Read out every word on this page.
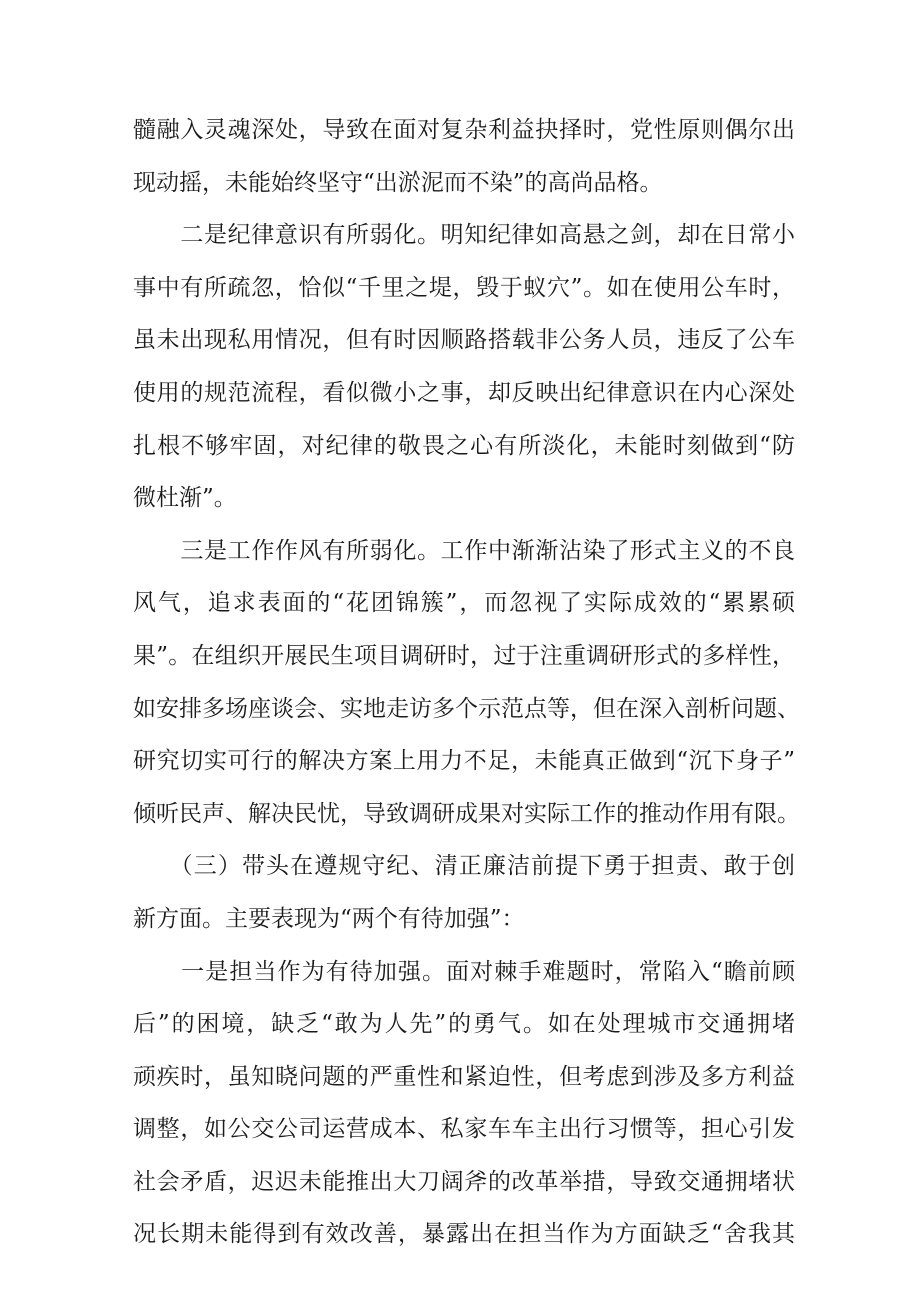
髓融入灵魂深处，导致在面对复杂利益抉择时，党性原则偶尔出
现动摇，未能始终坚守“出淤泥而不染”的高尚品格。
　　二是纪律意识有所弱化。明知纪律如高悬之剑，却在日常小
事中有所疏忽，恰似“千里之堤，毁于蚁穴”。如在使用公车时，
虽未出现私用情况，但有时因顺路搭载非公务人员，违反了公车
使用的规范流程，看似微小之事，却反映出纪律意识在内心深处
扎根不够牢固，对纪律的敬畏之心有所淡化，未能时刻做到“防
微杜渐”。
　　三是工作作风有所弱化。工作中渐渐沾染了形式主义的不良
风气，追求表面的“花团锦簇”，而忽视了实际成效的“累累硕
果”。在组织开展民生项目调研时，过于注重调研形式的多样性，
如安排多场座谈会、实地走访多个示范点等，但在深入剖析问题、
研究切实可行的解决方案上用力不足，未能真正做到“沉下身子”
倾听民声、解决民忧，导致调研成果对实际工作的推动作用有限。
　　（三）带头在遵规守纪、清正廉洁前提下勇于担责、敢于创
新方面。主要表现为“两个有待加强”：
　　一是担当作为有待加强。面对棘手难题时，常陷入“瞻前顾
后”的困境，缺乏“敢为人先”的勇气。如在处理城市交通拥堵
顽疾时，虽知晓问题的严重性和紧迫性，但考虑到涉及多方利益
调整，如公交公司运营成本、私家车车主出行习惯等，担心引发
社会矛盾，迟迟未能推出大刀阔斧的改革举措，导致交通拥堵状
况长期未能得到有效改善，暴露出在担当作为方面缺乏“舍我其
